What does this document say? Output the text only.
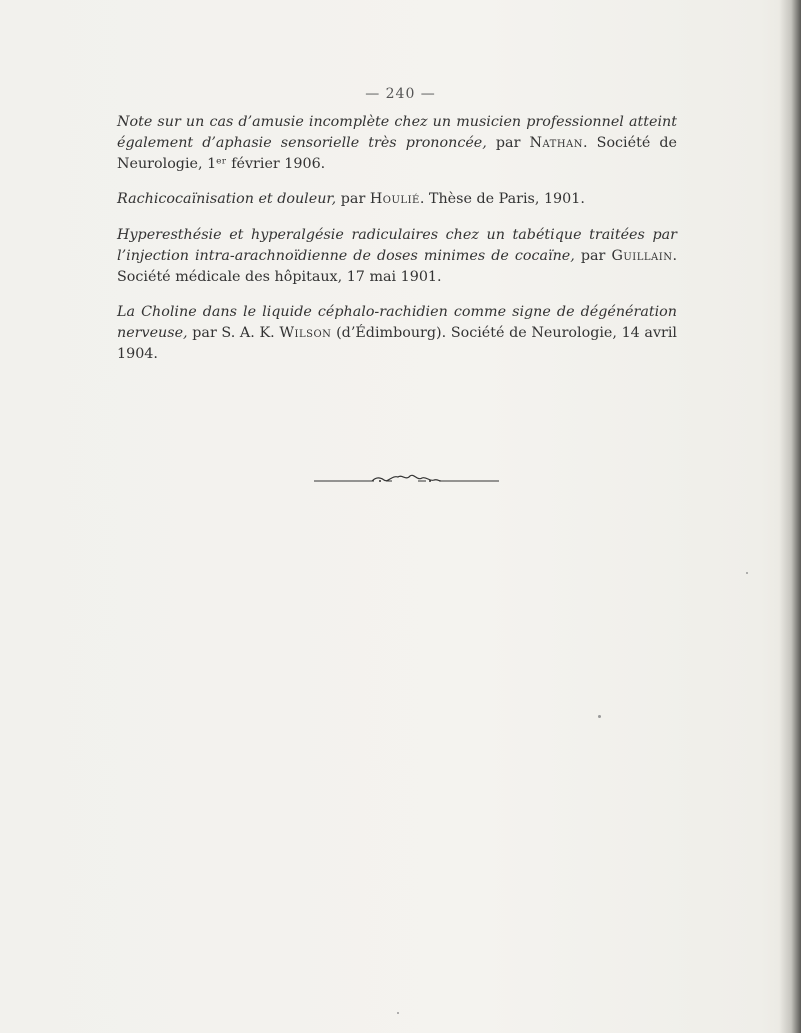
— 240 —

Note sur un cas d’amusie incomplète chez un musicien professionnel atteint également d’aphasie sensorielle très prononcée, par Nathan. Société de Neurologie, 1ᵉʳ février 1906.

Rachicocaïnisation et douleur, par Houlié. Thèse de Paris, 1901.

Hyperesthésie et hyperalgésie radiculaires chez un tabétique traitées par l’injection intra-arachnoïdienne de doses minimes de cocaïne, par Guillain. Société médicale des hôpitaux, 17 mai 1901.

La Choline dans le liquide céphalo-rachidien comme signe de dégénération nerveuse, par S. A. K. Wilson (d’Édimbourg). Société de Neurologie, 14 avril 1904.
